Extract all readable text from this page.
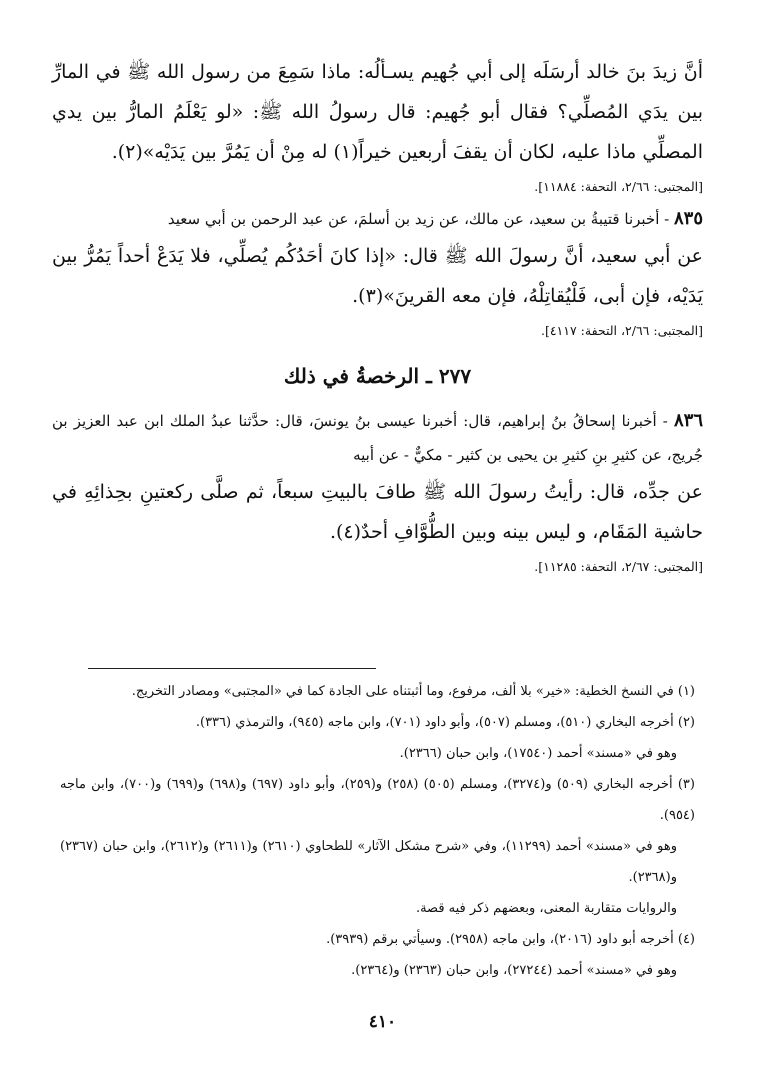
أنَّ زيدَ بنَ خالد أرسَلَه إلى أبي جُهيم يسـألُه: ماذا سَمِعَ من رسول الله ﷺ في المارِّ بين يدَي المُصلِّي؟ فقال أبو جُهيم: قال رسولُ الله ﷺ: «لو يَعْلَمُ المارُّ بين يدي المصلِّي ماذا عليه، لكان أن يقفَ أربعين خيراً(١) له مِنْ أن يَمُرَّ بين يَدَيْه»(٢).

[المجتبى: ٢/٦٦، التحفة: ١١٨٨٤].

٨٣٥ - أخبرنا قتيبةُ بن سعيد، عن مالك، عن زيد بن أسلمَ، عن عبد الرحمن بن أبي سعيد

عن أبي سعيد، أنَّ رسولَ الله ﷺ قال: «إذا كانَ أحَدُكُم يُصلِّي، فلا يَدَعْ أحداً يَمُرُّ بين يَدَيْه، فإن أبى، فَلْيُقاتِلْهُ، فإن معه القرينَ»(٣).

[المجتبى: ٢/٦٦، التحفة: ٤١١٧].

٢٧٧ ـ الرخصةُ في ذلك

٨٣٦ - أخبرنا إسحاقُ بنُ إبراهيم، قال: أخبرنا عيسى بنُ يونسَ، قال: حدَّثنا عبدُ الملك ابن عبد العزيز بن جُريج، عن كثيرِ بنِ كثيرِ بن يحيى بن كثير - مكيٌّ - عن أبيه

عن جدِّه، قال: رأيتُ رسولَ الله ﷺ طافَ بالبيتِ سبعاً، ثم صلَّى ركعتينِ بحِذائِهِ في حاشية المَقَام، و ليس بينه وبين الطُّوَّافِ أحدٌ(٤).

[المجتبى: ٢/٦٧، التحفة: ١١٢٨٥].

(١) في النسخ الخطية: «خير» بلا ألف، مرفوع، وما أثبتناه على الجادة كما في «المجتبى» ومصادر التخريج.

(٢) أخرجه البخاري (٥١٠)، ومسلم (٥٠٧)، وأبو داود (٧٠١)، وابن ماجه (٩٤٥)، والترمذي (٣٣٦).

وهو في «مسند» أحمد (١٧٥٤٠)، وابن حبان (٢٣٦٦).

(٣) أخرجه البخاري (٥٠٩) و(٣٢٧٤)، ومسلم (٥٠٥) (٢٥٨) و(٢٥٩)، وأبو داود (٦٩٧) و(٦٩٨) و(٦٩٩) و(٧٠٠)، وابن ماجه (٩٥٤).

وهو في «مسند» أحمد (١١٢٩٩)، وفي «شرح مشكل الآثار» للطحاوي (٢٦١٠) و(٢٦١١) و(٢٦١٢)، وابن حبان (٢٣٦٧) و(٢٣٦٨).

والروايات متقاربة المعنى، وبعضهم ذكر فيه قصة.

(٤) أخرجه أبو داود (٢٠١٦)، وابن ماجه (٢٩٥٨). وسيأتي برقم (٣٩٣٩).

وهو في «مسند» أحمد (٢٧٢٤٤)، وابن حبان (٢٣٦٣) و(٢٣٦٤).

٤١٠
